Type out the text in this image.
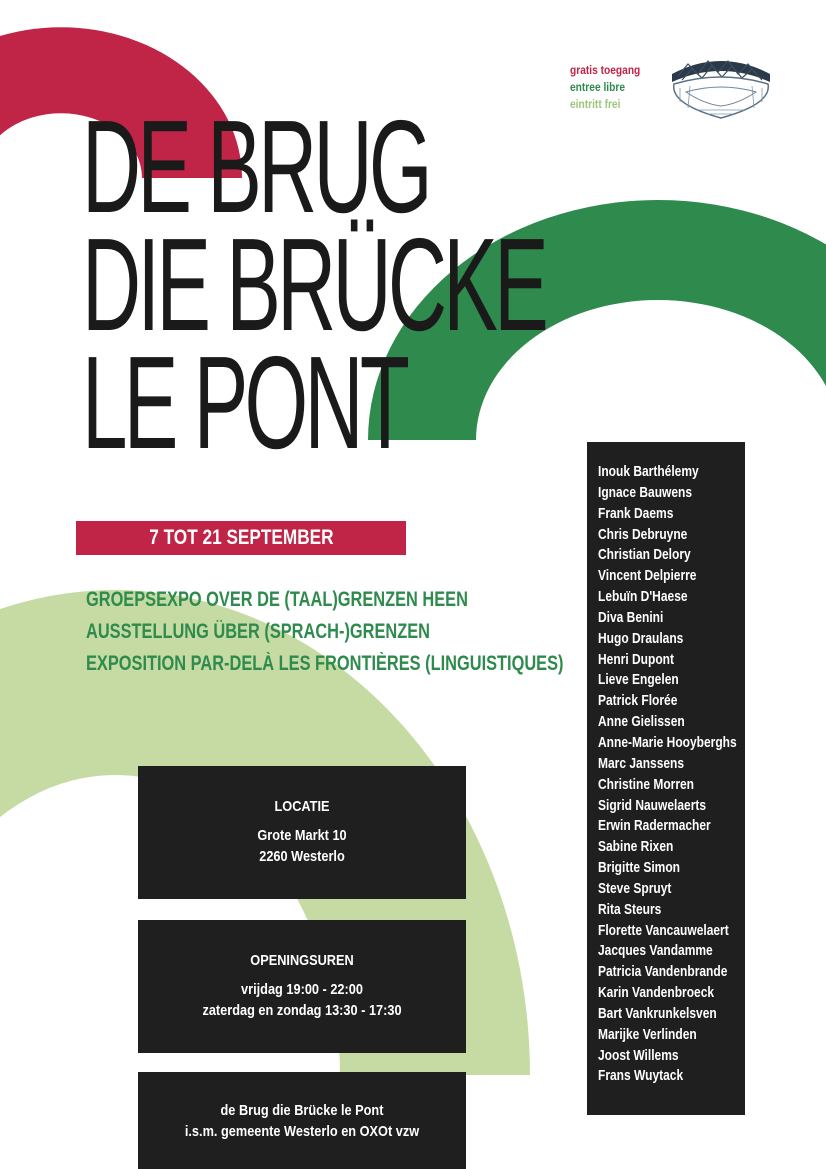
gratis toegang
entree libre
eintritt frei
DE BRUG
DIE BRÜCKE
LE PONT
7 TOT 21 SEPTEMBER
GROEPSEXPO OVER DE (TAAL)GRENZEN HEEN
AUSSTELLUNG ÜBER (SPRACH-)GRENZEN
EXPOSITION PAR-DELÀ LES FRONTIÈRES (LINGUISTIQUES)
LOCATIE
Grote Markt 10
2260 Westerlo
OPENINGSUREN
vrijdag 19:00 - 22:00
zaterdag en zondag 13:30 - 17:30
de Brug die Brücke le Pont
i.s.m. gemeente Westerlo en OXOt vzw
Inouk Barthélemy
Ignace Bauwens
Frank Daems
Chris Debruyne
Christian Delory
Vincent Delpierre
Lebuïn D'Haese
Diva Benini
Hugo Draulans
Henri Dupont
Lieve Engelen
Patrick Florée
Anne Gielissen
Anne-Marie Hooyberghs
Marc Janssens
Christine Morren
Sigrid Nauwelaerts
Erwin Radermacher
Sabine Rixen
Brigitte Simon
Steve Spruyt
Rita Steurs
Florette Vancauwelaert
Jacques Vandamme
Patricia Vandenbrande
Karin Vandenbroeck
Bart Vankrunkelsven
Marijke Verlinden
Joost Willems
Frans Wuytack
